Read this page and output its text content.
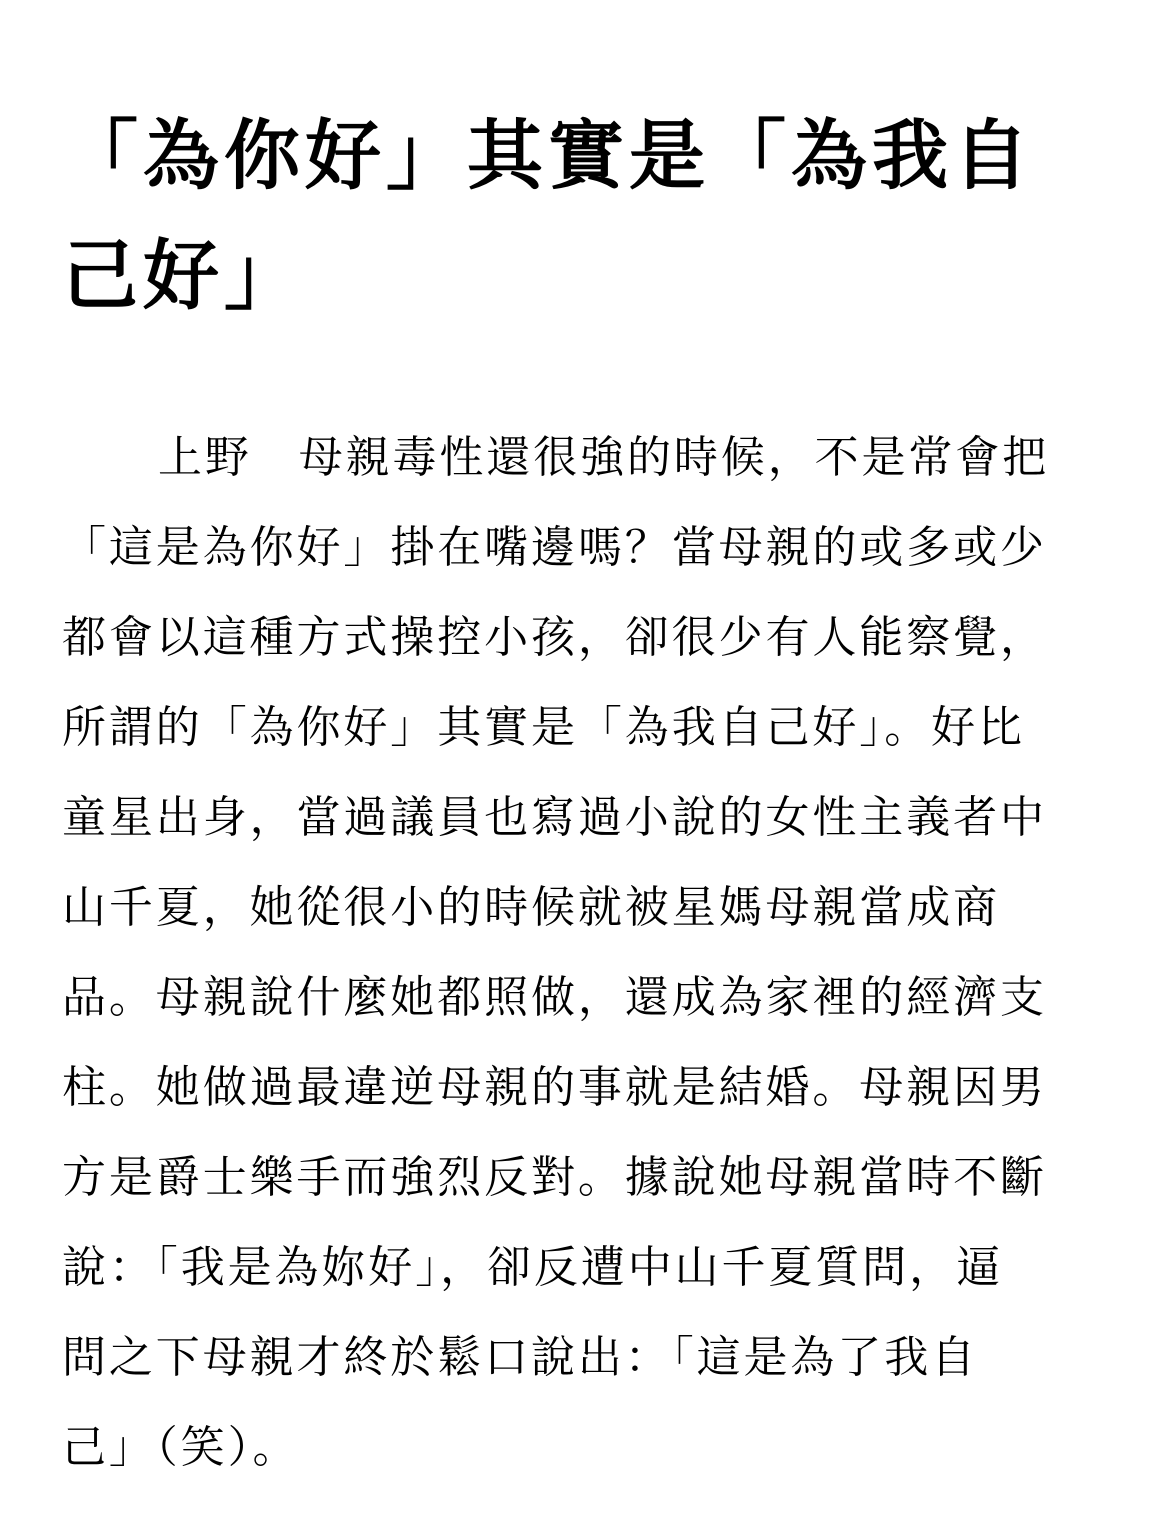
「為你好」其實是「為我自
己好」
上野　母親毒性還很強的時候，不是常會把
「這是為你好」掛在嘴邊嗎？當母親的或多或少
都會以這種方式操控小孩，卻很少有人能察覺，
所謂的「為你好」其實是「為我自己好」。好比
童星出身，當過議員也寫過小說的女性主義者中
山千夏，她從很小的時候就被星媽母親當成商
品。母親說什麼她都照做，還成為家裡的經濟支
柱。她做過最違逆母親的事就是結婚。母親因男
方是爵士樂手而強烈反對。據說她母親當時不斷
說：「我是為妳好」，卻反遭中山千夏質問，逼
問之下母親才終於鬆口說出：「這是為了我自
己」（笑）。
